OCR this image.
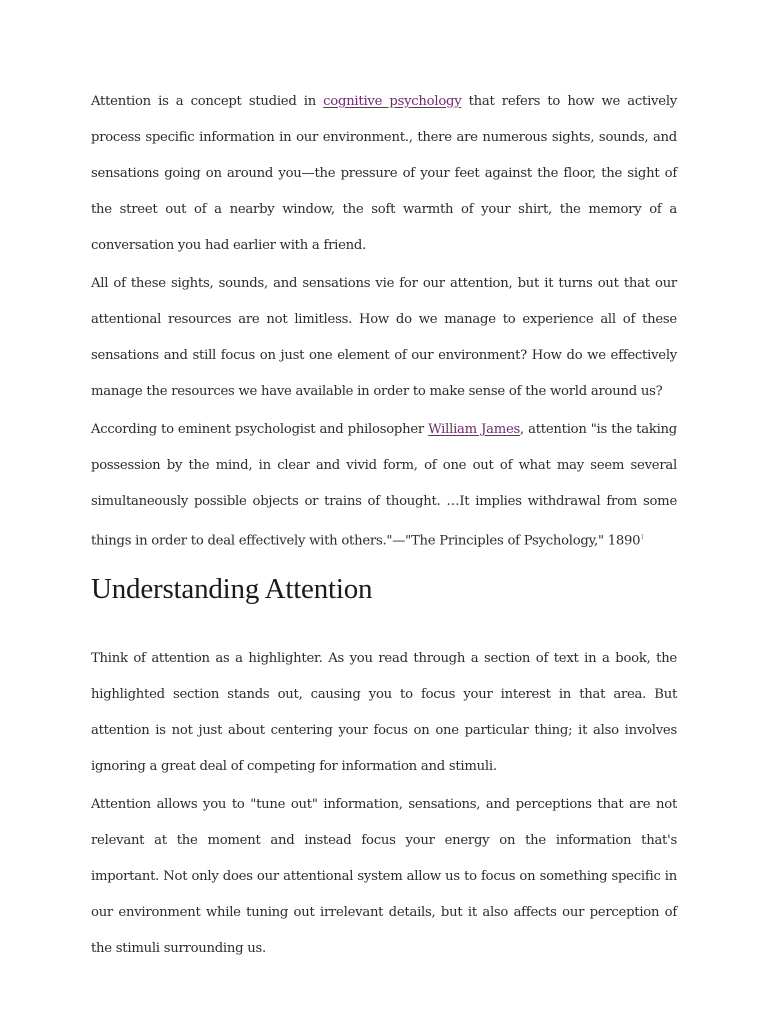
Attention is a concept studied in cognitive psychology that refers to how we actively process specific information in our environment., there are numerous sights, sounds, and sensations going on around you—the pressure of your feet against the floor, the sight of the street out of a nearby window, the soft warmth of your shirt, the memory of a conversation you had earlier with a friend.

All of these sights, sounds, and sensations vie for our attention, but it turns out that our attentional resources are not limitless. How do we manage to experience all of these sensations and still focus on just one element of our environment? How do we effectively manage the resources we have available in order to make sense of the world around us?

According to eminent psychologist and philosopher William James, attention "is the taking possession by the mind, in clear and vivid form, of one out of what may seem several simultaneously possible objects or trains of thought. …It implies withdrawal from some things in order to deal effectively with others."—"The Principles of Psychology," 1890$^1$

Understanding Attention

Think of attention as a highlighter. As you read through a section of text in a book, the highlighted section stands out, causing you to focus your interest in that area. But attention is not just about centering your focus on one particular thing; it also involves ignoring a great deal of competing for information and stimuli.

Attention allows you to "tune out" information, sensations, and perceptions that are not relevant at the moment and instead focus your energy on the information that's important. Not only does our attentional system allow us to focus on something specific in our environment while tuning out irrelevant details, but it also affects our perception of the stimuli surrounding us.
